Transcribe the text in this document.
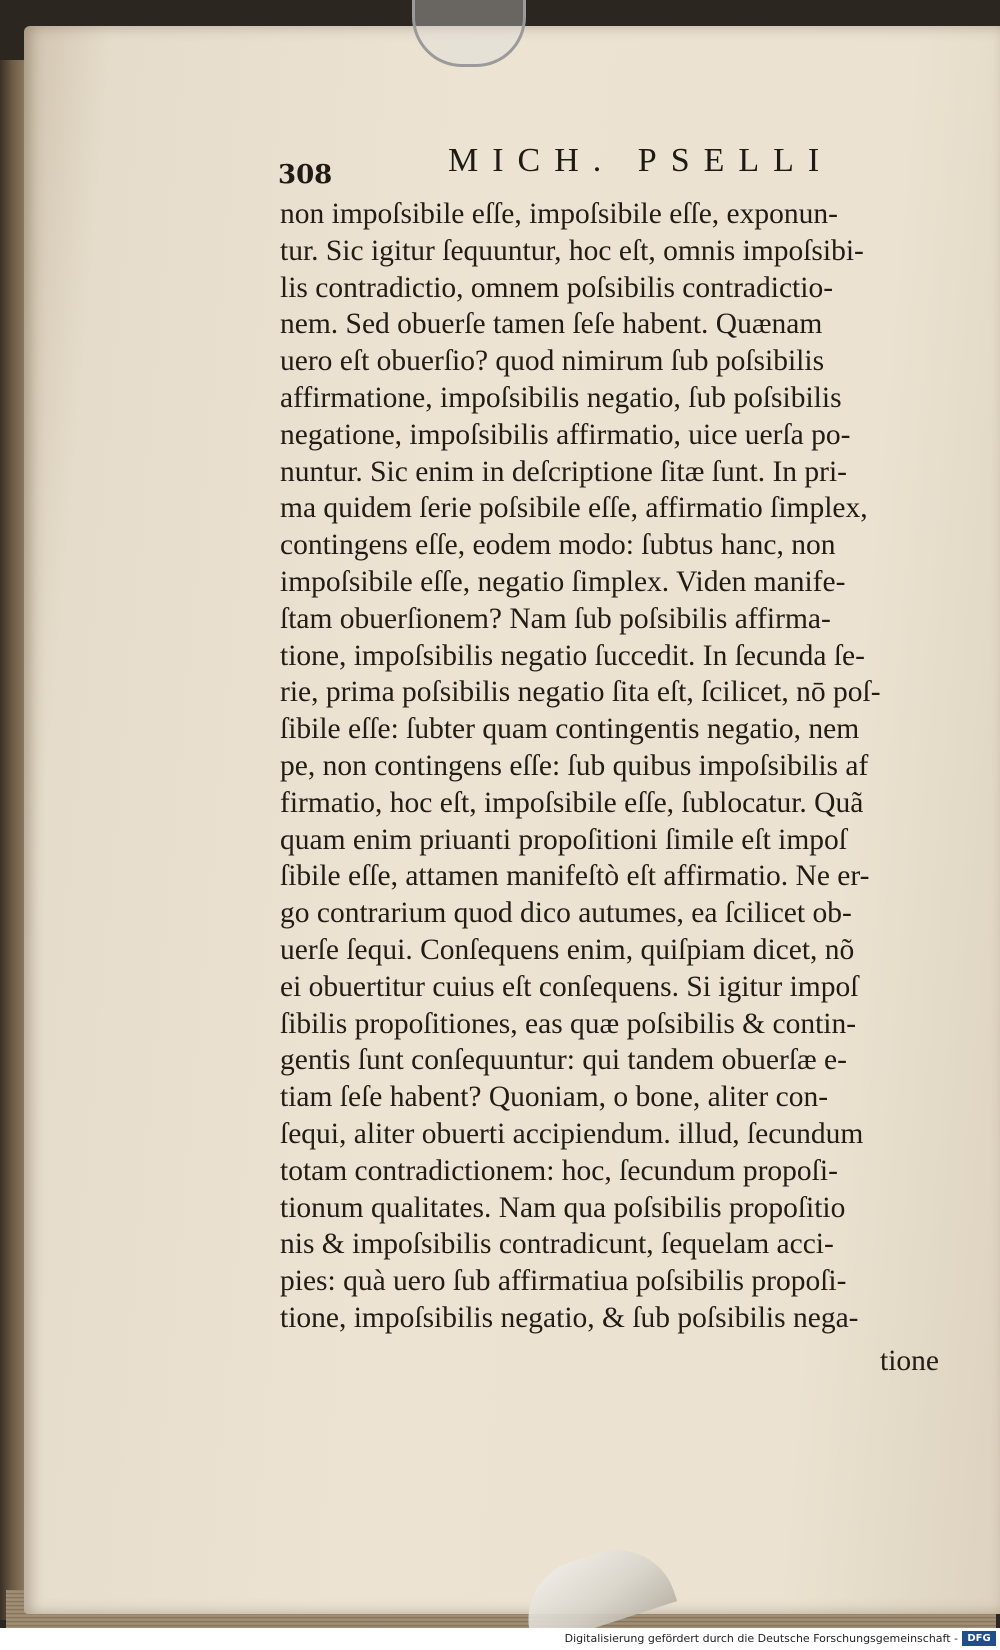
308	MICH. PSELLI
non impoſsibile eſſe, impoſsibile eſſe, exponun-
tur. Sic igitur ſequuntur, hoc eſt, omnis impoſsibi-
lis contradictio, omnem poſsibilis contradictio-
nem. Sed obuerſe tamen ſeſe habent. Quænam
uero eſt obuerſio? quod nimirum ſub poſsibilis
affirmatione, impoſsibilis negatio, ſub poſsibilis
negatione, impoſsibilis affirmatio, uice uerſa po-
nuntur. Sic enim in deſcriptione ſitæ ſunt. In pri-
ma quidem ſerie poſsibile eſſe, affirmatio ſimplex,
contingens eſſe, eodem modo: ſubtus hanc, non
impoſsibile eſſe, negatio ſimplex. Viden manife-
ſtam obuerſionem? Nam ſub poſsibilis affirma-
tione, impoſsibilis negatio ſuccedit. In ſecunda ſe-
rie, prima poſsibilis negatio ſita eſt, ſcilicet, nō poſ-
ſibile eſſe: ſubter quam contingentis negatio, nem
pe, non contingens eſſe: ſub quibus impoſsibilis af
firmatio, hoc eſt, impoſsibile eſſe, ſublocatur. Quã
quam enim priuanti propoſitioni ſimile eſt impoſ
ſibile eſſe, attamen manifeſtò eſt affirmatio. Ne er-
go contrarium quod dico autumes, ea ſcilicet ob-
uerſe ſequi. Conſequens enim, quiſpiam dicet, nõ
ei obuertitur cuius eſt conſequens. Si igitur impoſ
ſibilis propoſitiones, eas quæ poſsibilis & contin-
gentis ſunt conſequuntur: qui tandem obuerſæ e-
tiam ſeſe habent? Quoniam, o bone, aliter con-
ſequi, aliter obuerti accipiendum. illud, ſecundum
totam contradictionem: hoc, ſecundum propoſi-
tionum qualitates. Nam qua poſsibilis propoſitio
nis & impoſsibilis contradicunt, ſequelam acci-
pies: quà uero ſub affirmatiua poſsibilis propoſi-
tione, impoſsibilis negatio, & ſub poſsibilis nega-
tione
Digitalisierung gefördert durch die Deutsche Forschungsgemeinschaft - DFG
